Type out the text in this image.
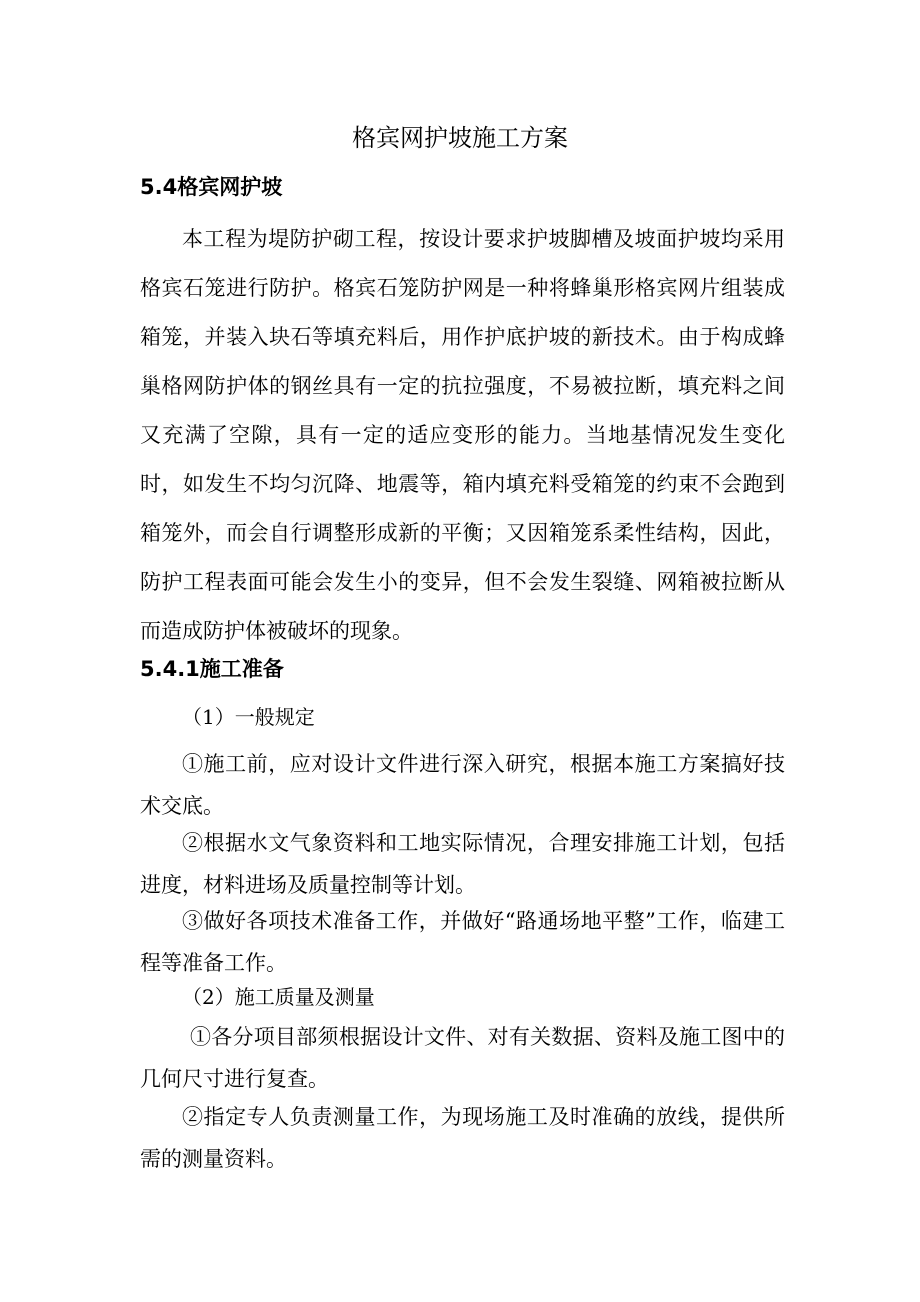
格宾网护坡施工方案
5.4格宾网护坡
本工程为堤防护砌工程，按设计要求护坡脚槽及坡面护坡均采用格宾石笼进行防护。格宾石笼防护网是一种将蜂巢形格宾网片组装成箱笼，并装入块石等填充料后，用作护底护坡的新技术。由于构成蜂巢格网防护体的钢丝具有一定的抗拉强度，不易被拉断，填充料之间又充满了空隙，具有一定的适应变形的能力。当地基情况发生变化时，如发生不均匀沉降、地震等，箱内填充料受箱笼的约束不会跑到箱笼外，而会自行调整形成新的平衡；又因箱笼系柔性结构，因此，防护工程表面可能会发生小的变异，但不会发生裂缝、网箱被拉断从而造成防护体被破坏的现象。
5.4.1施工准备
（1）一般规定
①施工前，应对设计文件进行深入研究，根据本施工方案搞好技术交底。
②根据水文气象资料和工地实际情况，合理安排施工计划，包括进度，材料进场及质量控制等计划。
③做好各项技术准备工作，并做好“路通场地平整”工作，临建工程等准备工作。
（2）施工质量及测量
①各分项目部须根据设计文件、对有关数据、资料及施工图中的几何尺寸进行复查。
②指定专人负责测量工作，为现场施工及时准确的放线，提供所需的测量资料。
